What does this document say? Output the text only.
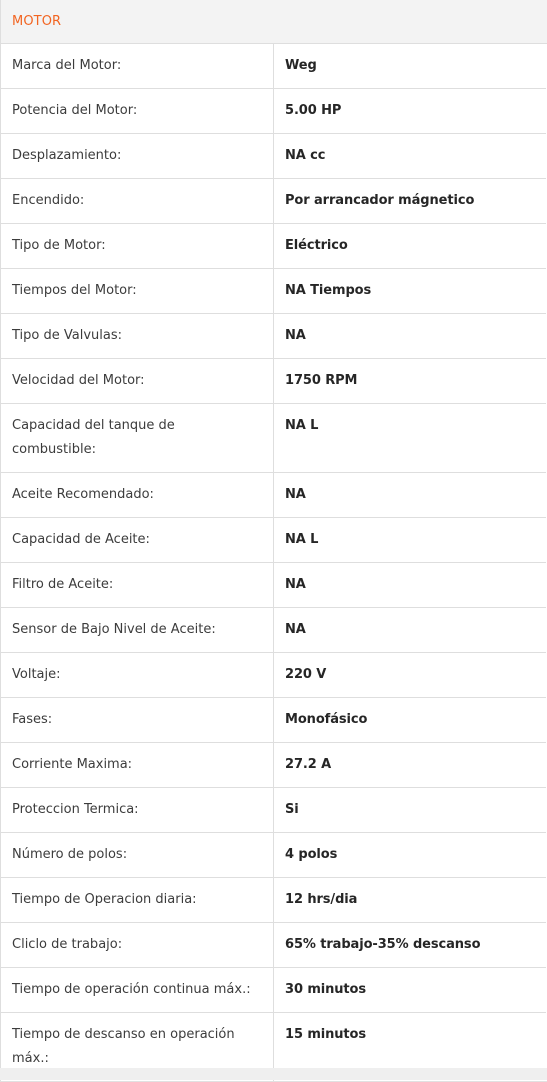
MOTOR
Marca del Motor:	Weg
Potencia del Motor:	5.00 HP
Desplazamiento:	NA cc
Encendido:	Por arrancador mágnetico
Tipo de Motor:	Eléctrico
Tiempos del Motor:	NA Tiempos
Tipo de Valvulas:	NA
Velocidad del Motor:	1750 RPM
Capacidad del tanque de combustible:	NA L
Aceite Recomendado:	NA
Capacidad de Aceite:	NA L
Filtro de Aceite:	NA
Sensor de Bajo Nivel de Aceite:	NA
Voltaje:	220 V
Fases:	Monofásico
Corriente Maxima:	27.2 A
Proteccion Termica:	Si
Número de polos:	4 polos
Tiempo de Operacion diaria:	12 hrs/dia
Cliclo de trabajo:	65% trabajo-35% descanso
Tiempo de operación continua máx.:	30 minutos
Tiempo de descanso en operación máx.:	15 minutos
